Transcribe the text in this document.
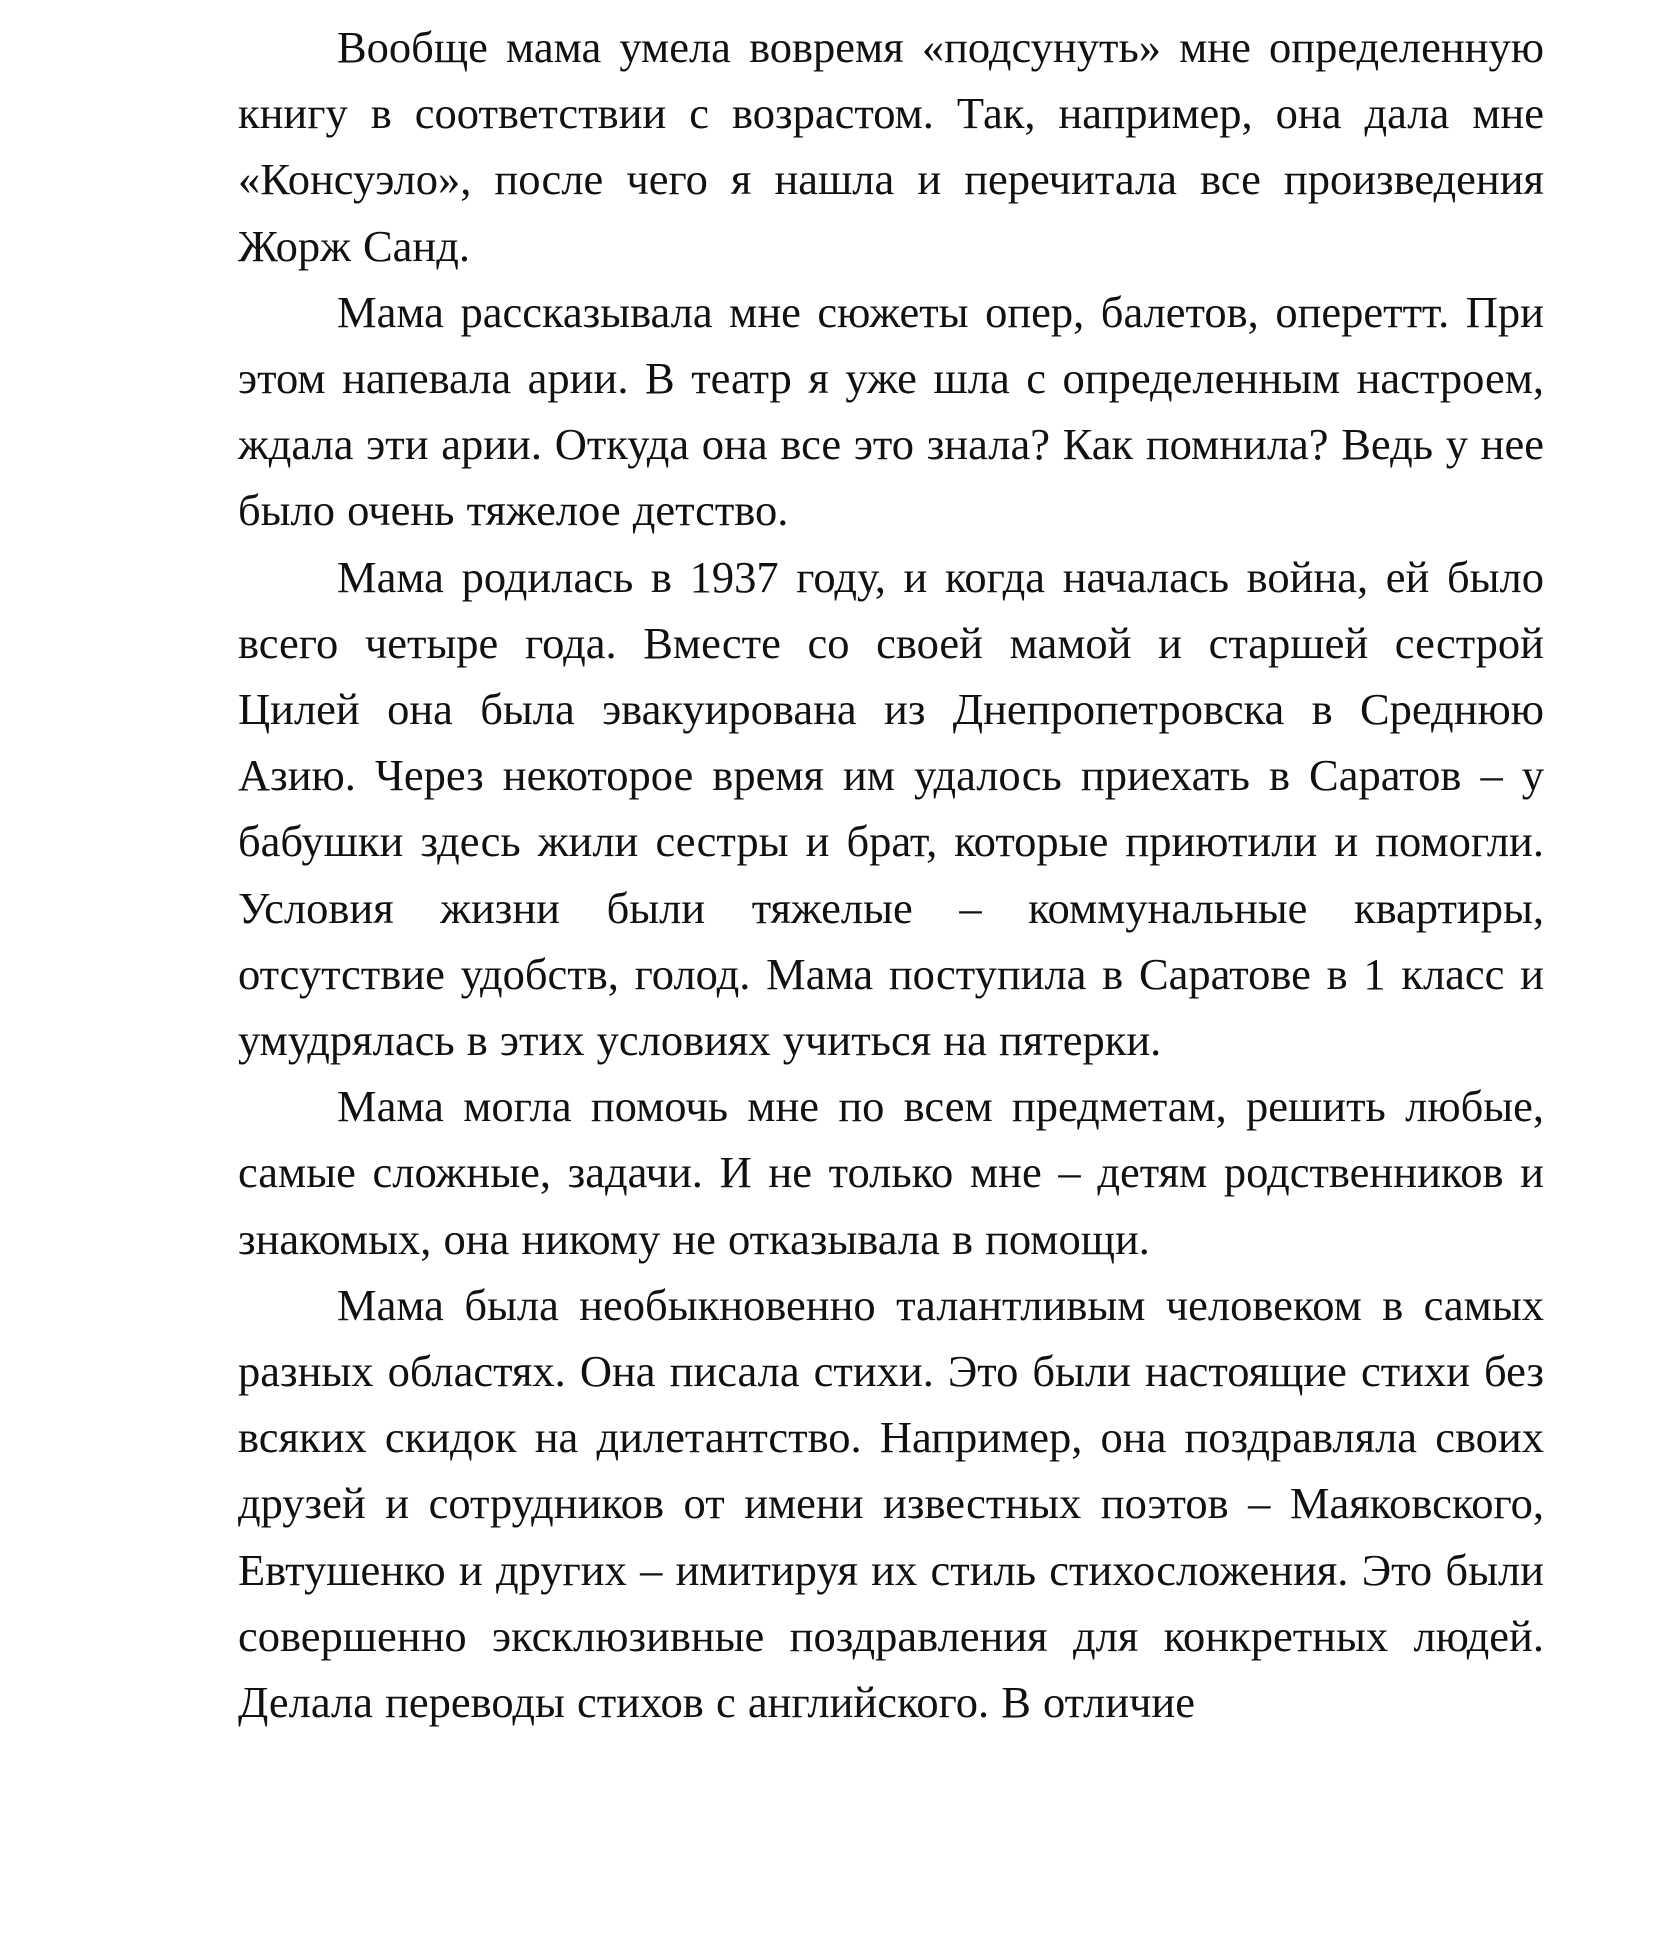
Вообще мама умела вовремя «подсунуть» мне определенную книгу в соответствии с возрастом. Так, например, она дала мне «Консуэло», после чего я нашла и перечитала все произведения Жорж Санд.

Мама рассказывала мне сюжеты опер, балетов, опереттт. При этом напевала арии. В театр я уже шла с определенным настроем, ждала эти арии. Откуда она все это знала? Как помнила? Ведь у нее было очень тяжелое детство.

Мама родилась в 1937 году, и когда началась война, ей было всего четыре года. Вместе со своей мамой и старшей сестрой Цилей она была эвакуирована из Днепропетровска в Среднюю Азию. Через некоторое время им удалось приехать в Саратов – у бабушки здесь жили сестры и брат, которые приютили и помогли. Условия жизни были тяжелые – коммунальные квартиры, отсутствие удобств, голод. Мама поступила в Саратове в 1 класс и умудрялась в этих условиях учиться на пятерки.

Мама могла помочь мне по всем предметам, решить любые, самые сложные, задачи. И не только мне – детям родственников и знакомых, она никому не отказывала в помощи.

Мама была необыкновенно талантливым человеком в самых разных областях. Она писала стихи. Это были настоящие стихи без всяких скидок на дилетантство. Например, она поздравляла своих друзей и сотрудников от имени известных поэтов – Маяковского, Евтушенко и других – имитируя их стиль стихосложения. Это были совершенно эксклюзивные поздравления для конкретных людей. Делала переводы стихов с английского. В отличие
